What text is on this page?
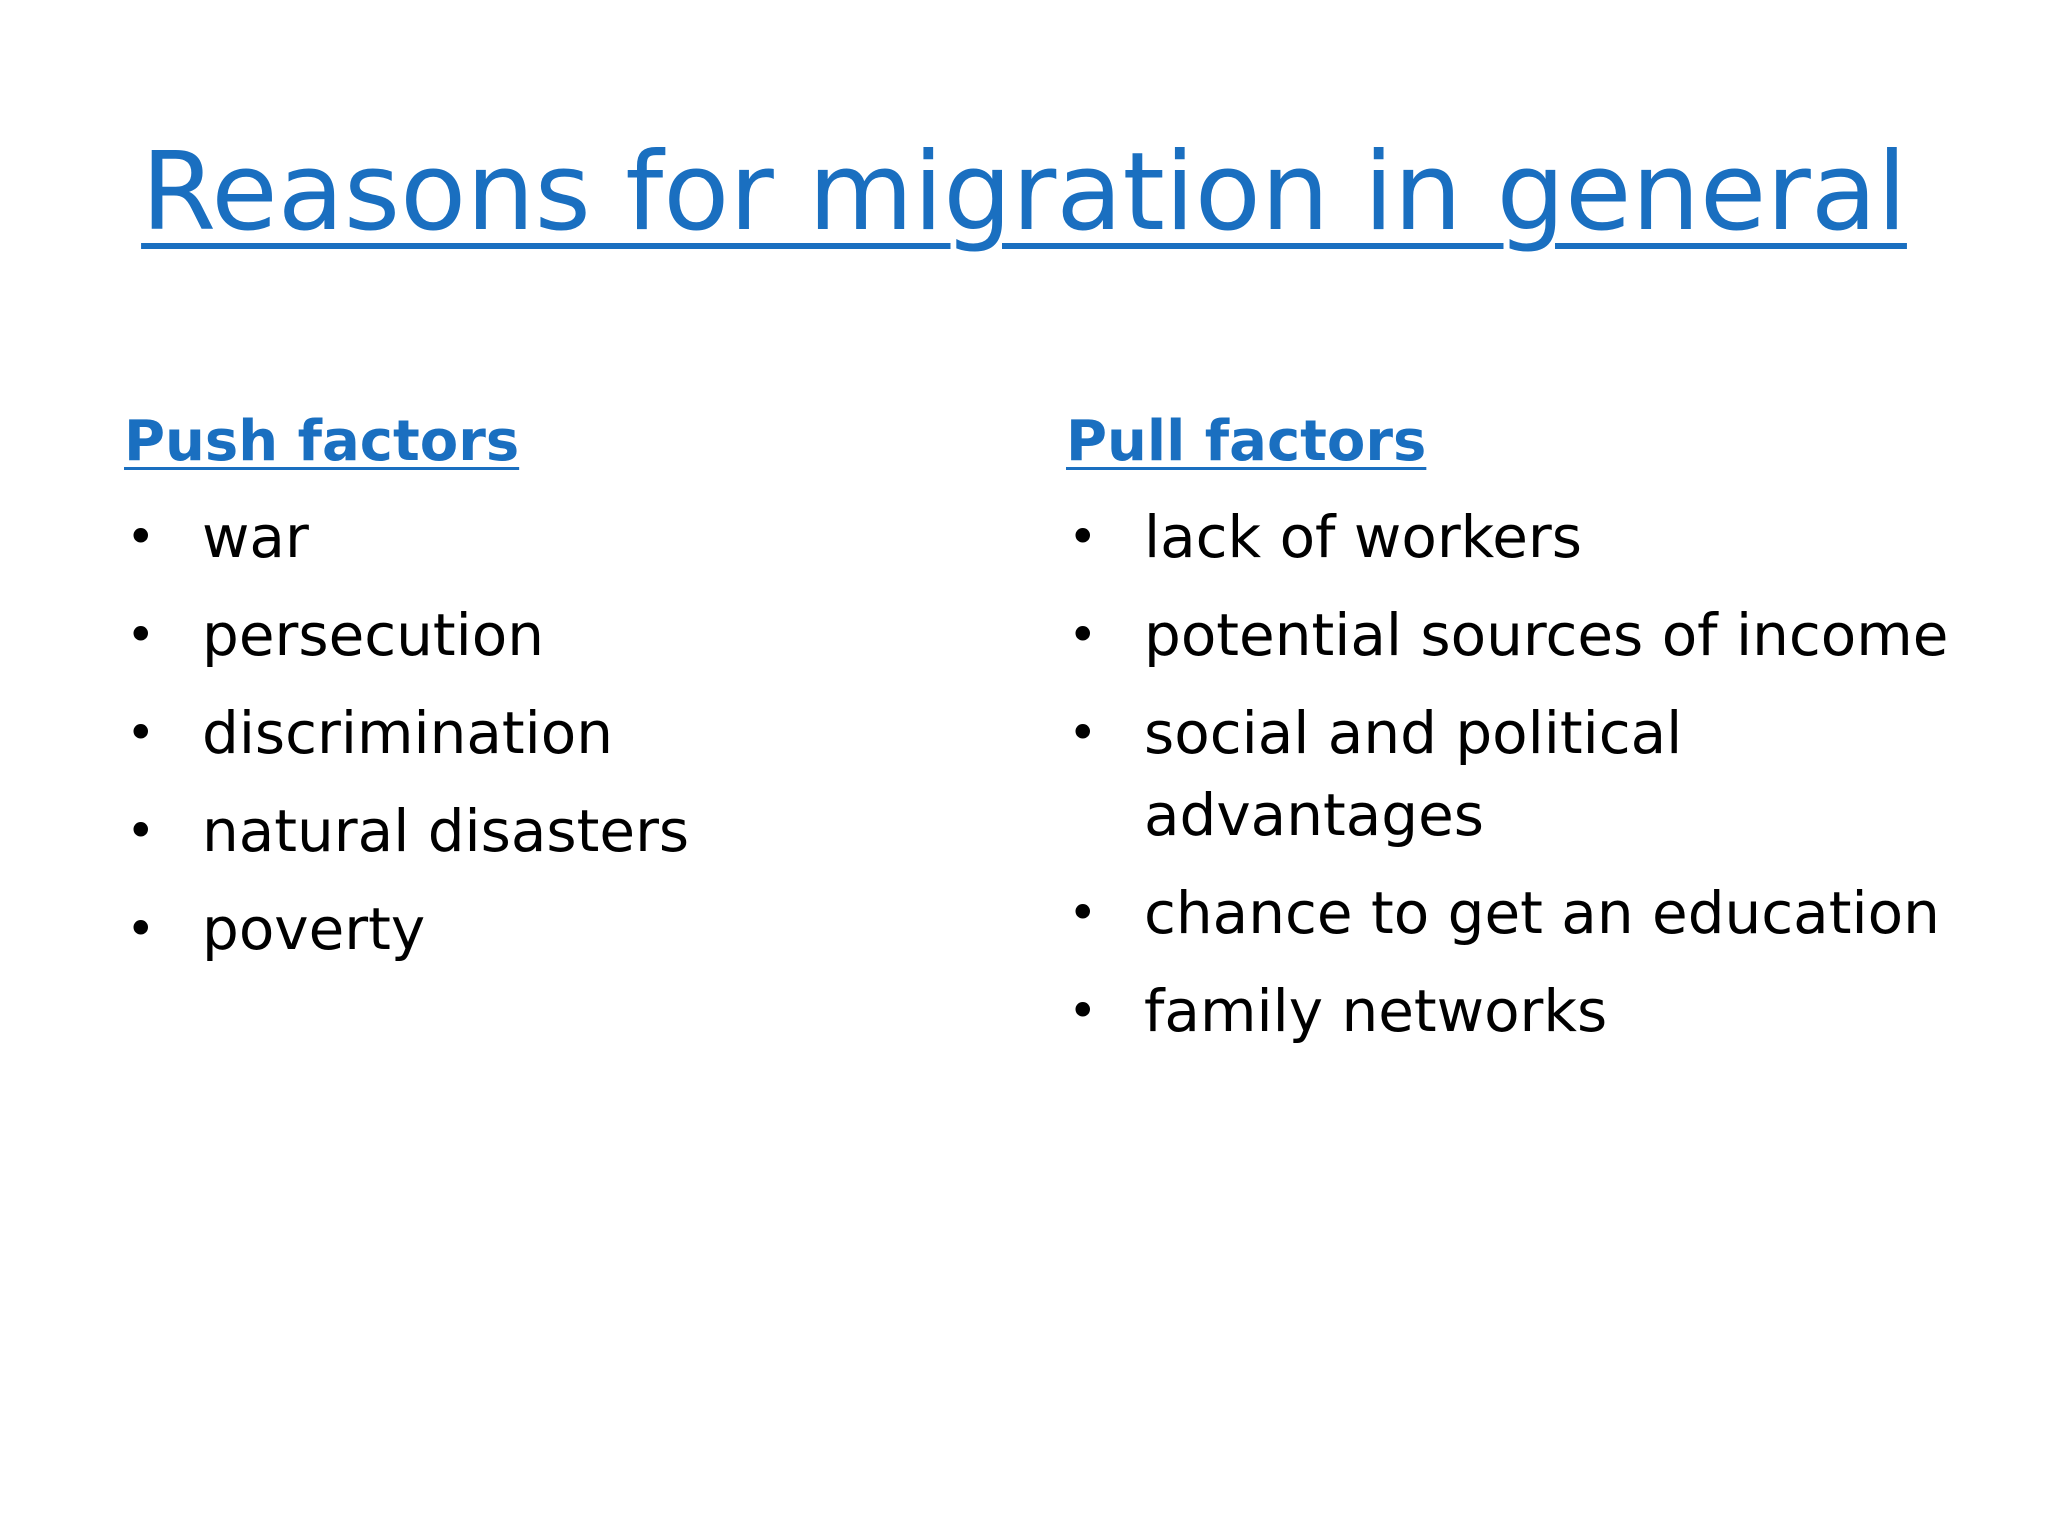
Reasons for migration in general
Push factors
• war
• persecution
• discrimination
• natural disasters
• poverty
Pull factors
• lack of workers
• potential sources of income
• social and political advantages
• chance to get an education
• family networks
